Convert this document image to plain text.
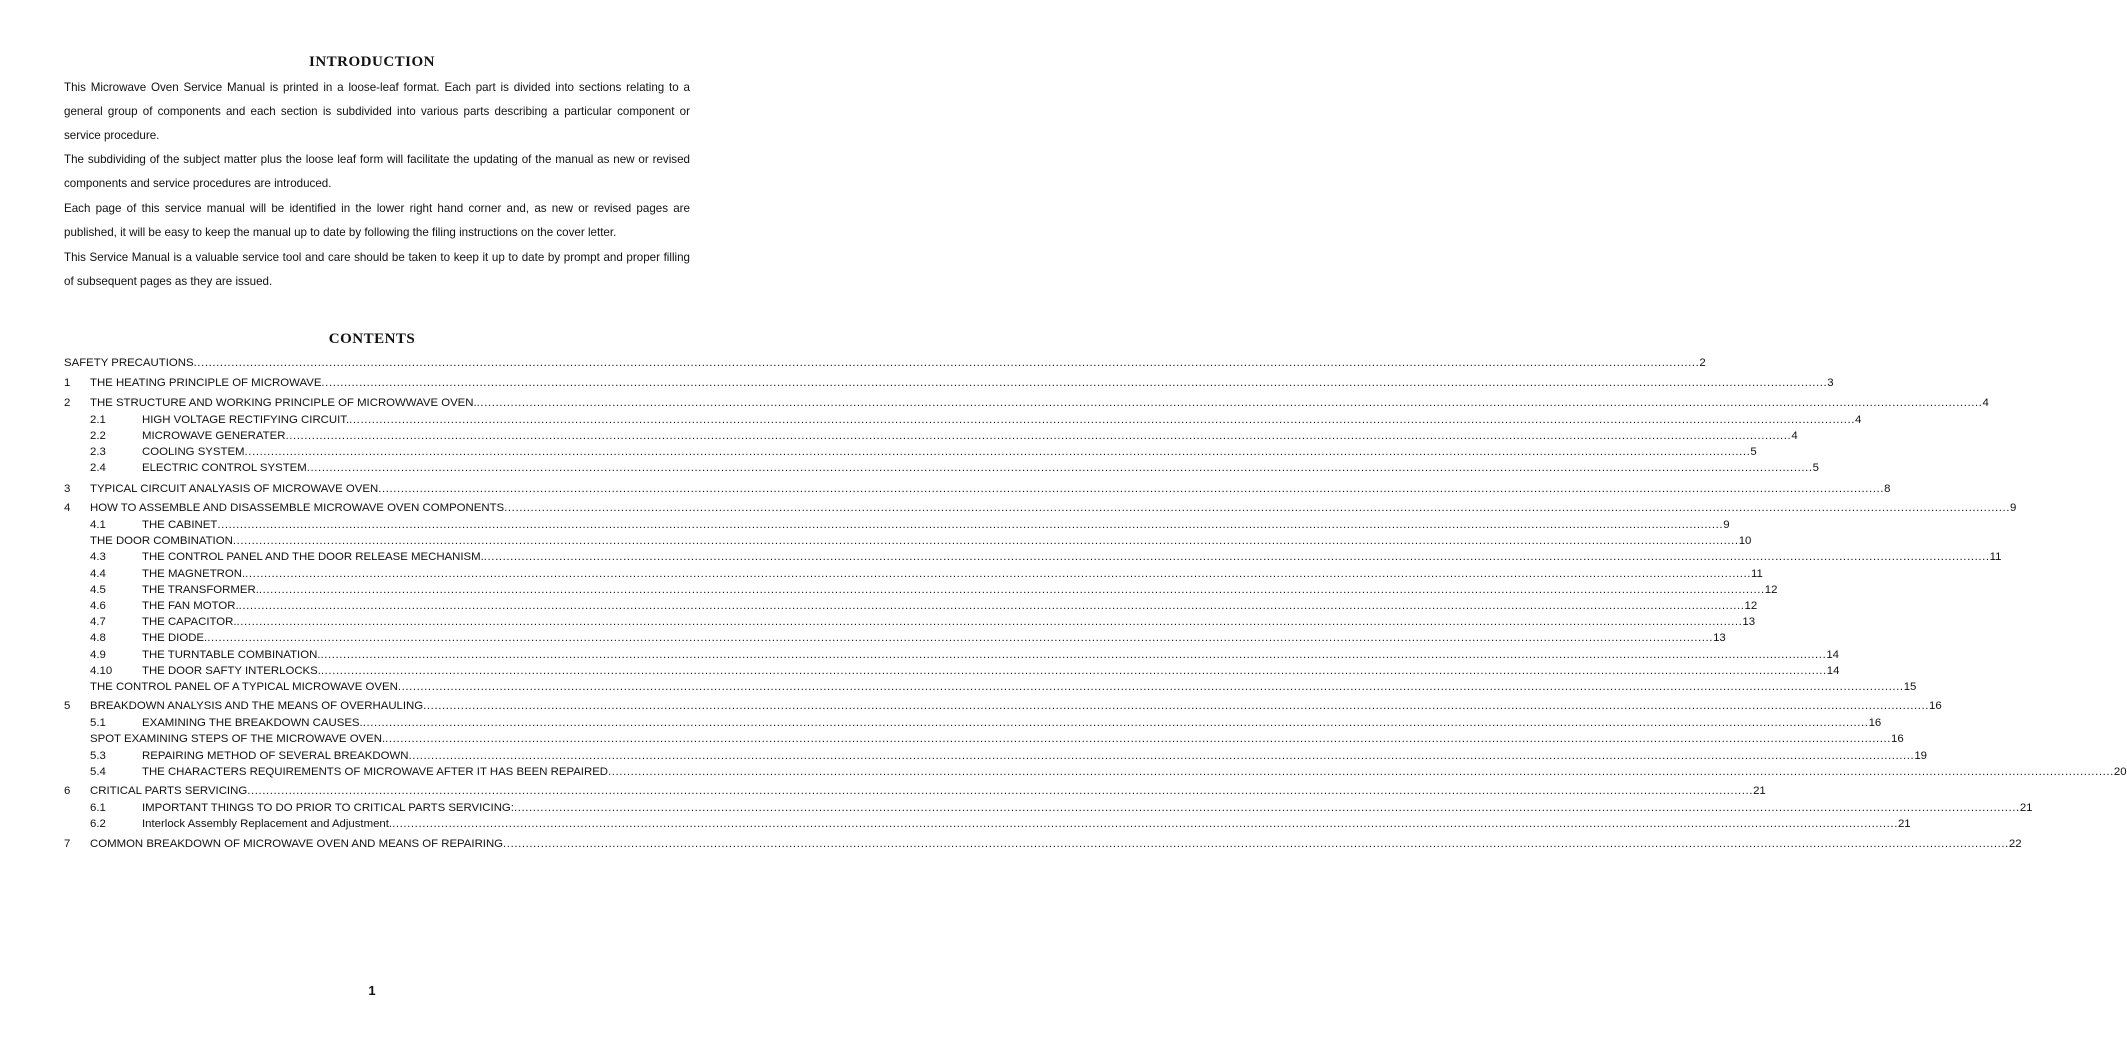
INTRODUCTION

This Microwave Oven Service Manual is printed in a loose-leaf format. Each part is divided into sections relating to a general group of components and each section is subdivided into various parts describing a particular component or service procedure.

The subdividing of the subject matter plus the loose leaf form will facilitate the updating of the manual as new or revised components and service procedures are introduced.

Each page of this service manual will be identified in the lower right hand corner and, as new or revised pages are published, it will be easy to keep the manual up to date by following the filing instructions on the cover letter.

This Service Manual is a valuable service tool and care should be taken to keep it up to date by prompt and proper filling of subsequent pages as they are issued.

CONTENTS
SAFETY PRECAUTIONS ................................................................................................................................................................................................................................................................................................................................................................................................................ 2
1	THE HEATING PRINCIPLE OF MICROWAVE ................................................................................................................................................................................................................................................................................................................................................................................................................ 3
2	THE STRUCTURE AND WORKING PRINCIPLE OF MICROWWAVE OVEN. ................................................................................................................................................................................................................................................................................................................................................................................................................ 4
2.1	HIGH VOLTAGE RECTIFYING CIRCUIT. ................................................................................................................................................................................................................................................................................................................................................................................................................ 4
2.2	MICROWAVE GENERATER ................................................................................................................................................................................................................................................................................................................................................................................................................ 4
2.3	COOLING SYSTEM ................................................................................................................................................................................................................................................................................................................................................................................................................ 5
2.4	ELECTRIC CONTROL SYSTEM ................................................................................................................................................................................................................................................................................................................................................................................................................ 5
3	TYPICAL CIRCUIT ANALYASIS OF MICROWAVE OVEN ................................................................................................................................................................................................................................................................................................................................................................................................................ 8
4	HOW TO ASSEMBLE AND DISASSEMBLE MICROWAVE OVEN COMPONENTS ................................................................................................................................................................................................................................................................................................................................................................................................................ 9
4.1	THE CABINET ................................................................................................................................................................................................................................................................................................................................................................................................................ 9
THE DOOR COMBINATION ................................................................................................................................................................................................................................................................................................................................................................................................................ 10
4.3	THE CONTROL PANEL AND THE DOOR RELEASE MECHANISM. ................................................................................................................................................................................................................................................................................................................................................................................................................ 11
4.4	THE MAGNETRON. ................................................................................................................................................................................................................................................................................................................................................................................................................ 11
4.5	THE TRANSFORMER. ................................................................................................................................................................................................................................................................................................................................................................................................................ 12
4.6	THE FAN MOTOR. ................................................................................................................................................................................................................................................................................................................................................................................................................ 12
4.7	THE CAPACITOR. ................................................................................................................................................................................................................................................................................................................................................................................................................ 13
4.8	THE DIODE. ................................................................................................................................................................................................................................................................................................................................................................................................................ 13
4.9	THE TURNTABLE COMBINATION. ................................................................................................................................................................................................................................................................................................................................................................................................................ 14
4.10	THE DOOR SAFTY INTERLOCKS. ................................................................................................................................................................................................................................................................................................................................................................................................................ 14
THE CONTROL PANEL OF A TYPICAL MICROWAVE OVEN ................................................................................................................................................................................................................................................................................................................................................................................................................ 15
5	BREAKDOWN ANALYSIS AND THE MEANS OF OVERHAULING ................................................................................................................................................................................................................................................................................................................................................................................................................ 16
5.1	EXAMINING THE BREAKDOWN CAUSES. ................................................................................................................................................................................................................................................................................................................................................................................................................ 16
SPOT EXAMINING STEPS OF THE MICROWAVE OVEN. ................................................................................................................................................................................................................................................................................................................................................................................................................ 16
5.3	REPAIRING METHOD OF SEVERAL BREAKDOWN ................................................................................................................................................................................................................................................................................................................................................................................................................ 19
5.4	THE CHARACTERS REQUIREMENTS OF MICROWAVE AFTER IT HAS BEEN REPAIRED ................................................................................................................................................................................................................................................................................................................................................................................................................ 20
6	CRITICAL PARTS SERVICING ................................................................................................................................................................................................................................................................................................................................................................................................................ 21
6.1	IMPORTANT THINGS TO DO PRIOR TO CRITICAL PARTS SERVICING: ................................................................................................................................................................................................................................................................................................................................................................................................................ 21
6.2	Interlock Assembly Replacement and Adjustment. ................................................................................................................................................................................................................................................................................................................................................................................................................ 21
7	COMMON BREAKDOWN OF MICROWAVE OVEN AND MEANS OF REPAIRING ................................................................................................................................................................................................................................................................................................................................................................................................................ 22
1
